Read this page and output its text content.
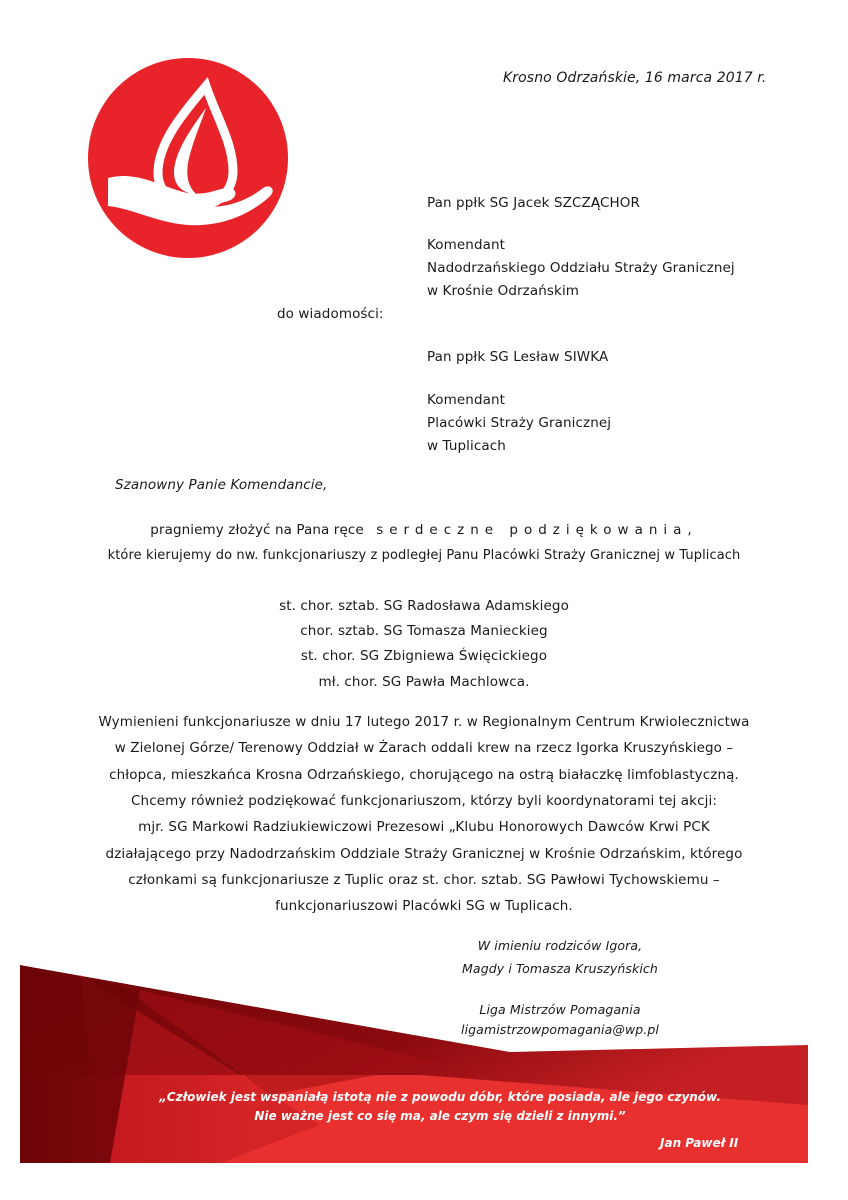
Krosno Odrzańskie, 16 marca 2017 r.
Pan ppłk SG Jacek SZCZĄCHOR
Komendant
Nadodrzańskiego Oddziału Straży Granicznej
w Krośnie Odrzańskim
do wiadomości:
Pan ppłk SG Lesław SIWKA
Komendant
Placówki Straży Granicznej
w Tuplicach
Szanowny Panie Komendancie,
pragniemy złożyć na Pana ręce serdeczne podziękowania,
które kierujemy do nw. funkcjonariuszy z podległej Panu Placówki Straży Granicznej w Tuplicach
st. chor. sztab. SG Radosława Adamskiego
chor. sztab. SG Tomasza Manieckieg
st. chor. SG Zbigniewa Święcickiego
mł. chor. SG Pawła Machlowca.
Wymienieni funkcjonariusze w dniu 17 lutego 2017 r. w Regionalnym Centrum Krwiolecznictwa
w Zielonej Górze/ Terenowy Oddział w Żarach oddali krew na rzecz Igorka Kruszyńskiego –
chłopca, mieszkańca Krosna Odrzańskiego, chorującego na ostrą białaczkę limfoblastyczną.
Chcemy również podziękować funkcjonariuszom, którzy byli koordynatorami tej akcji:
mjr. SG Markowi Radziukiewiczowi Prezesowi „Klubu Honorowych Dawców Krwi PCK
działającego przy Nadodrzańskim Oddziale Straży Granicznej w Krośnie Odrzańskim, którego
członkami są funkcjonariusze z Tuplic oraz st. chor. sztab. SG Pawłowi Tychowskiemu –
funkcjonariuszowi Placówki SG w Tuplicach.
W imieniu rodziców Igora,
Magdy i Tomasza Kruszyńskich
Liga Mistrzów Pomagania
ligamistrzowpomagania@wp.pl
„Człowiek jest wspaniałą istotą nie z powodu dóbr, które posiada, ale jego czynów.
Nie ważne jest co się ma, ale czym się dzieli z innymi.”
Jan Paweł II
